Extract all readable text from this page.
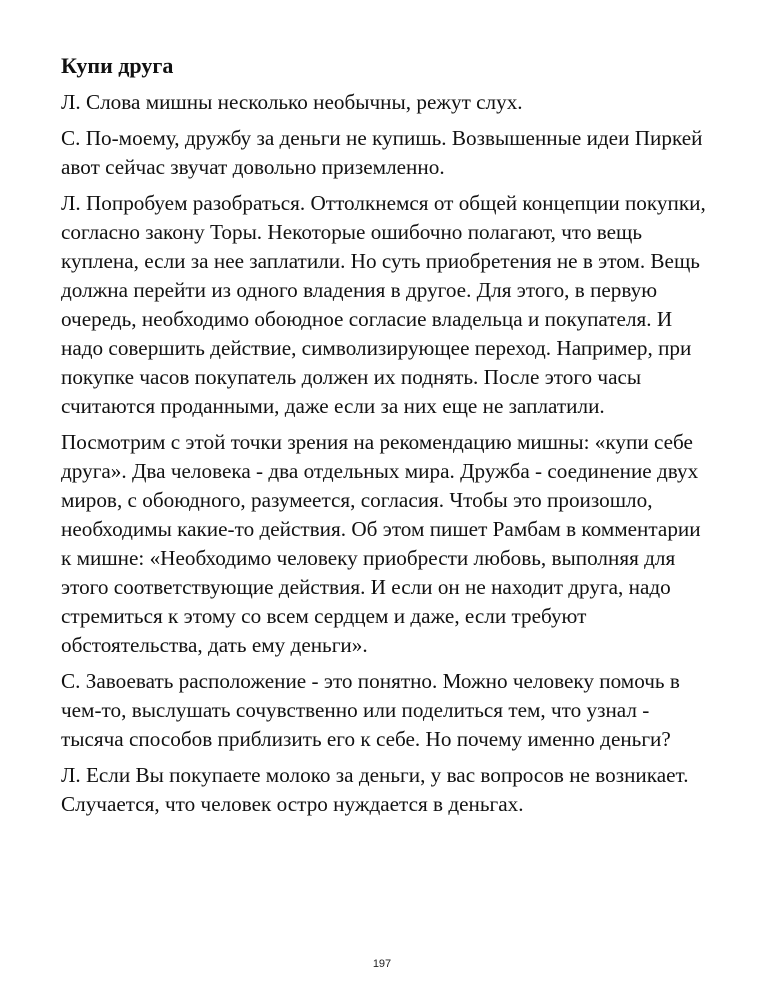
Купи друга

Л. Слова мишны несколько необычны, режут слух.

С. По-моему, дружбу за деньги не купишь. Возвышенные идеи Пиркей авот сейчас звучат довольно приземленно.

Л. Попробуем разобраться. Оттолкнемся от общей концепции покупки, согласно закону Торы. Некоторые ошибочно полагают, что вещь куплена, если за нее заплатили. Но суть приобретения не в этом. Вещь должна перейти из одного владения в другое. Для этого, в первую очередь, необходимо обоюдное согласие владельца и покупателя. И надо совершить действие, символизирующее переход. Например, при покупке часов покупатель должен их поднять. После этого часы считаются проданными, даже если за них еще не заплатили.

Посмотрим с этой точки зрения на рекомендацию мишны: «купи себе друга». Два человека - два отдельных мира. Дружба - соединение двух миров, с обоюдного, разумеется, согласия. Чтобы это произошло, необходимы какие-то действия. Об этом пишет Рамбам в комментарии к мишне: «Необходимо человеку приобрести любовь, выполняя для этого соответствующие действия. И если он не находит друга, надо стремиться к этому со всем сердцем и даже, если требуют обстоятельства, дать ему деньги».

С. Завоевать расположение - это понятно. Можно человеку помочь в чем-то, выслушать сочувственно или поделиться тем, что узнал - тысяча способов приблизить его к себе. Но почему именно деньги?

Л. Если Вы покупаете молоко за деньги, у вас вопросов не возникает. Случается, что человек остро нуждается в деньгах.

197
